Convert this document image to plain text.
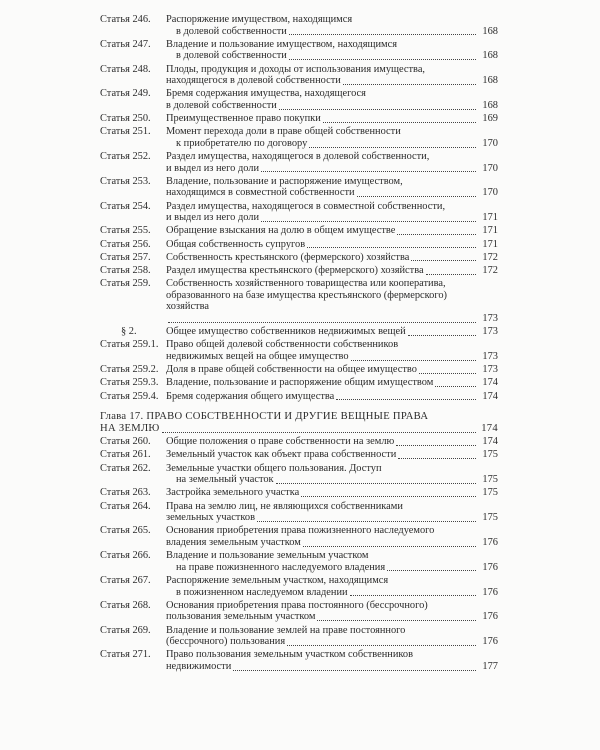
Статья 246.	Распоряжение имуществом, находящимся
в долевой собственности	168
Статья 247.	Владение и пользование имуществом, находящимся
в долевой собственности	168
Статья 248.	Плоды, продукция и доходы от использования имущества,
находящегося в долевой собственности	168
Статья 249.	Бремя содержания имущества, находящегося
в долевой собственности	168
Статья 250.	Преимущественное право покупки	169
Статья 251.	Момент перехода доли в праве общей собственности
к приобретателю по договору	170
Статья 252.	Раздел имущества, находящегося в долевой собственности,
и выдел из него доли	170
Статья 253.	Владение, пользование и распоряжение имуществом,
находящимся в совместной собственности	170
Статья 254.	Раздел имущества, находящегося в совместной собственности,
и выдел из него доли	171
Статья 255.	Обращение взыскания на долю в общем имуществе	171
Статья 256.	Общая собственность супругов	171
Статья 257.	Собственность крестьянского (фермерского) хозяйства	172
Статья 258.	Раздел имущества крестьянского (фермерского) хозяйства	172
Статья 259.	Собственность хозяйственного товарищества или кооператива,
образованного на базе имущества крестьянского (фермерского)
хозяйства
173
§ 2.	Общее имущество собственников недвижимых вещей	173
Статья 259.1. Право общей долевой собственности собственников
недвижимых вещей на общее имущество	173
Статья 259.2. Доля в праве общей собственности на общее имущество	173
Статья 259.3. Владение, пользование и распоряжение общим имуществом	174
Статья 259.4. Бремя содержания общего имущества	174
Глава 17. ПРАВО СОБСТВЕННОСТИ И ДРУГИЕ ВЕЩНЫЕ ПРАВА
НА ЗЕМЛЮ	174
Статья 260.	Общие положения о праве собственности на землю	174
Статья 261.	Земельный участок как объект права собственности	175
Статья 262.	Земельные участки общего пользования. Доступ
на земельный участок	175
Статья 263.	Застройка земельного участка	175
Статья 264.	Права на землю лиц, не являющихся собственниками
земельных участков	175
Статья 265.	Основания приобретения права пожизненного наследуемого
владения земельным участком	176
Статья 266.	Владение и пользование земельным участком
на праве пожизненного наследуемого владения	176
Статья 267.	Распоряжение земельным участком, находящимся
в пожизненном наследуемом владении	176
Статья 268.	Основания приобретения права постоянного (бессрочного)
пользования земельным участком	176
Статья 269.	Владение и пользование землей на праве постоянного
(бессрочного) пользования	176
Статья 271.	Право пользования земельным участком собственников
недвижимости	177
